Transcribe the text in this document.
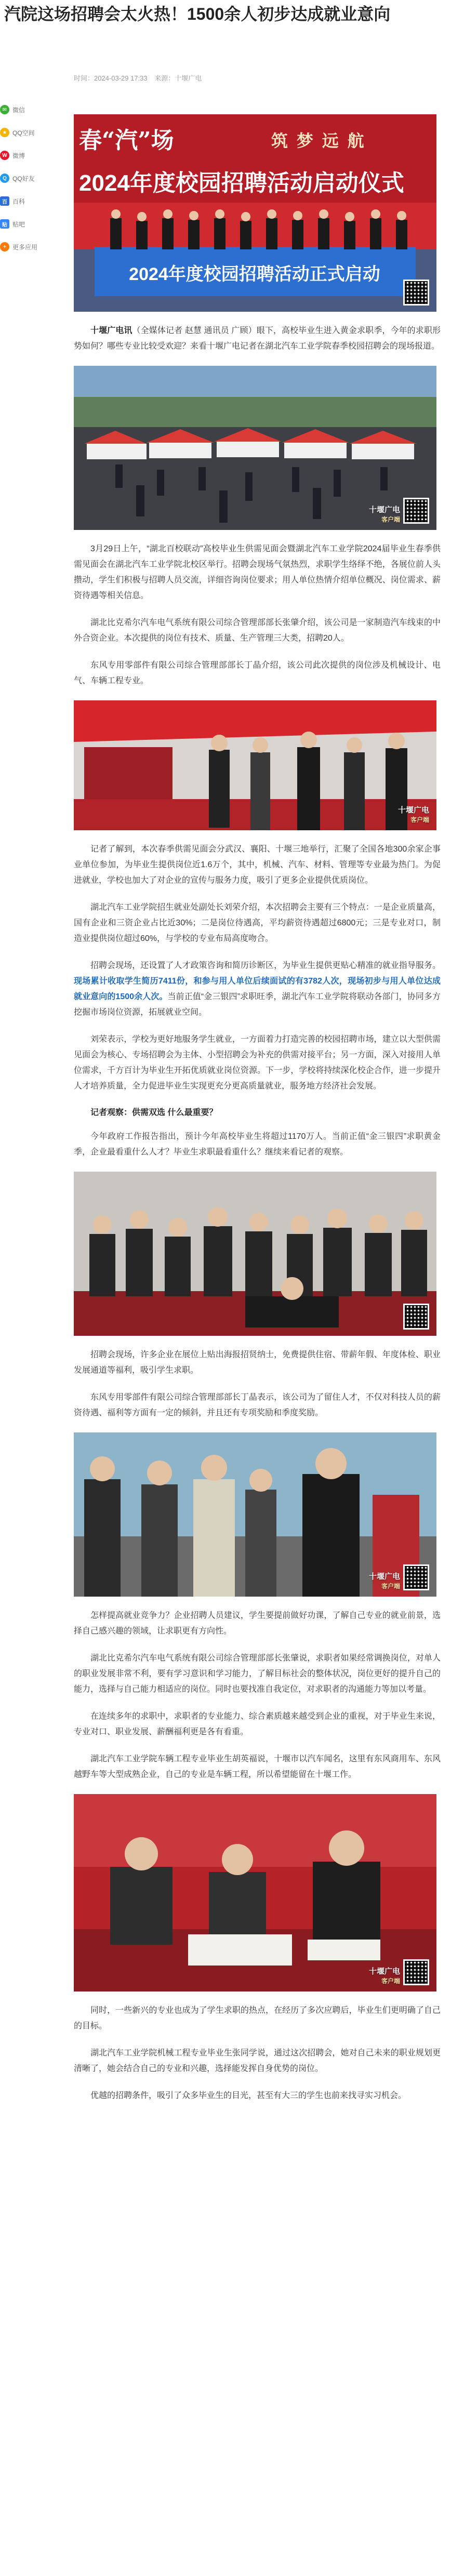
汽院这场招聘会太火热！1500余人初步达成就业意向
时间：2024-03-29 17:33 来源：十堰广电
✉ 微信
★ QQ空间
W 微博
Q QQ好友
百 百科
贴 贴吧
+	更多应用
春“汽”场	筑 梦 远 航
2024年度校园招聘活动启动仪式
2024年度校园招聘活动正式启动

十堰广电讯（全媒体记者 赵慧 通讯员 广顾）眼下，高校毕业生进入黄金求职季，今年的求职形势如何？哪些专业比较受欢迎？来看十堰广电记者在湖北汽车工业学院春季校园招聘会的现场报道。

十堰广电
客户端

3月29日上午，“湖北百校联动”高校毕业生供需见面会暨湖北汽车工业学院2024届毕业生春季供需见面会在湖北汽车工业学院北校区举行。招聘会现场气氛热烈，求职学生络绎不绝，各展位前人头攒动，学生们积极与招聘人员交流，详细咨询岗位要求；用人单位热情介绍单位概况、岗位需求、薪资待遇等相关信息。

湖北比克希尔汽车电气系统有限公司综合管理部部长张肇介绍，该公司是一家制造汽车线束的中外合资企业。本次提供的岗位有技术、质量、生产管理三大类，招聘20人。

东风专用零部件有限公司综合管理部部长丁晶介绍，该公司此次提供的岗位涉及机械设计、电气、车辆工程专业。

十堰广电
客户端

记者了解到，本次春季供需见面会分武汉、襄阳、十堰三地举行，汇聚了全国各地300余家企事业单位参加，为毕业生提供岗位近1.6万个，其中，机械、汽车、材料、管理等专业最为热门。为促进就业，学校也加大了对企业的宣传与服务力度，吸引了更多企业提供优质岗位。

湖北汽车工业学院招生就业处副处长刘荣介绍，本次招聘会主要有三个特点：一是企业质量高，国有企业和三资企业占比近30%；二是岗位待遇高，平均薪资待遇超过6800元；三是专业对口，制造业提供岗位超过60%，与学校的专业布局高度吻合。

招聘会现场，还设置了人才政策咨询和简历诊断区，为毕业生提供更贴心精准的就业指导服务。现场累计收取学生简历7411份，和参与用人单位后续面试的有3782人次，现场初步与用人单位达成就业意向的1500余人次。当前正值“金三银四”求职旺季，湖北汽车工业学院将联动各部门，协同多方挖掘市场岗位资源，拓展就业空间。

刘荣表示，学校为更好地服务学生就业，一方面着力打造完善的校园招聘市场，建立以大型供需见面会为核心、专场招聘会为主体、小型招聘会为补充的供需对接平台；另一方面，深入对接用人单位需求，千方百计为毕业生开拓优质就业岗位资源。下一步，学校将持续深化校企合作，进一步提升人才培养质量，全力促进毕业生实现更充分更高质量就业，服务地方经济社会发展。

记者观察：供需双选 什么最重要？

今年政府工作报告指出，预计今年高校毕业生将超过1170万人。当前正值“金三银四”求职黄金季，企业最看重什么人才？毕业生求职最看重什么？继续来看记者的观察。

招聘会现场，许多企业在展位上贴出海报招贤纳士，免费提供住宿、带薪年假、年度体检、职业发展通道等福利，吸引学生求职。

东风专用零部件有限公司综合管理部部长丁晶表示，该公司为了留住人才，不仅对科技人员的薪资待遇、福利等方面有一定的倾斜，并且还有专项奖励和季度奖励。

十堰广电
客户端

怎样提高就业竞争力？企业招聘人员建议，学生要提前做好功课，了解自己专业的就业前景，选择自己感兴趣的领域，让求职更有方向性。

湖北比克希尔汽车电气系统有限公司综合管理部部长张肇说，求职者如果经常调换岗位，对单人的职业发展非常不利，要有学习意识和学习能力，了解目标社会的整体状况，岗位更好的提升自己的能力，选择与自己能力相适应的岗位。同时也要找准自我定位，对求职者的沟通能力等加以考量。

在连续多年的求职中，求职者的专业能力、综合素质越来越受到企业的重视，对于毕业生来说，专业对口、职业发展、薪酬福利更是各有看重。

湖北汽车工业学院车辆工程专业毕业生胡英福说，十堰市以汽车闻名，这里有东风商用车、东风越野车等大型成熟企业，自己的专业是车辆工程，所以希望能留在十堰工作。

十堰广电
客户端

同时，一些新兴的专业也成为了学生求职的热点，在经历了多次应聘后，毕业生们更明确了自己的目标。

湖北汽车工业学院机械工程专业毕业生张同学说，通过这次招聘会，她对自己未来的职业规划更清晰了，她会结合自己的专业和兴趣，选择能发挥自身优势的岗位。

优越的招聘条件，吸引了众多毕业生的目光，甚至有大三的学生也前来找寻实习机会。
